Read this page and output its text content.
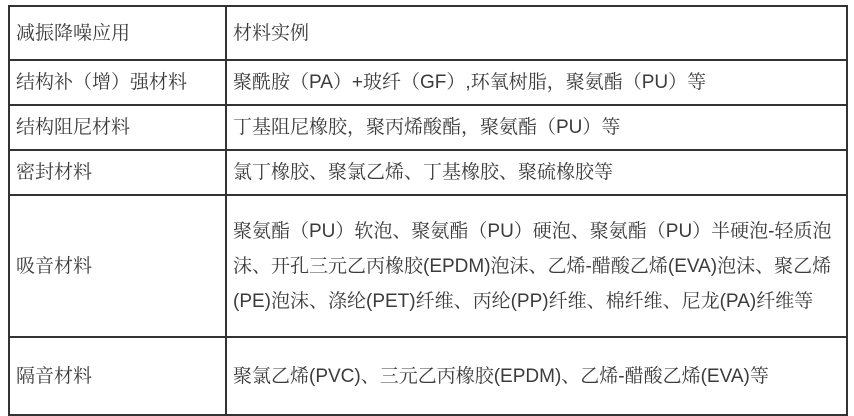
减振降噪应用	材料实例
结构补（增）强材料	聚酰胺（PA）+玻纤（GF）,环氧树脂，聚氨酯（PU）等
结构阻尼材料	丁基阻尼橡胶，聚丙烯酸酯，聚氨酯（PU）等
密封材料	氯丁橡胶、聚氯乙烯、丁基橡胶、聚硫橡胶等
吸音材料	聚氨酯（PU）软泡、聚氨酯（PU）硬泡、聚氨酯（PU）半硬泡-轻质泡沫、开孔三元乙丙橡胶(EPDM)泡沫、乙烯-醋酸乙烯(EVA)泡沫、聚乙烯(PE)泡沫、涤纶(PET)纤维、丙纶(PP)纤维、棉纤维、尼龙(PA)纤维等
隔音材料	聚氯乙烯(PVC)、三元乙丙橡胶(EPDM)、乙烯-醋酸乙烯(EVA)等
